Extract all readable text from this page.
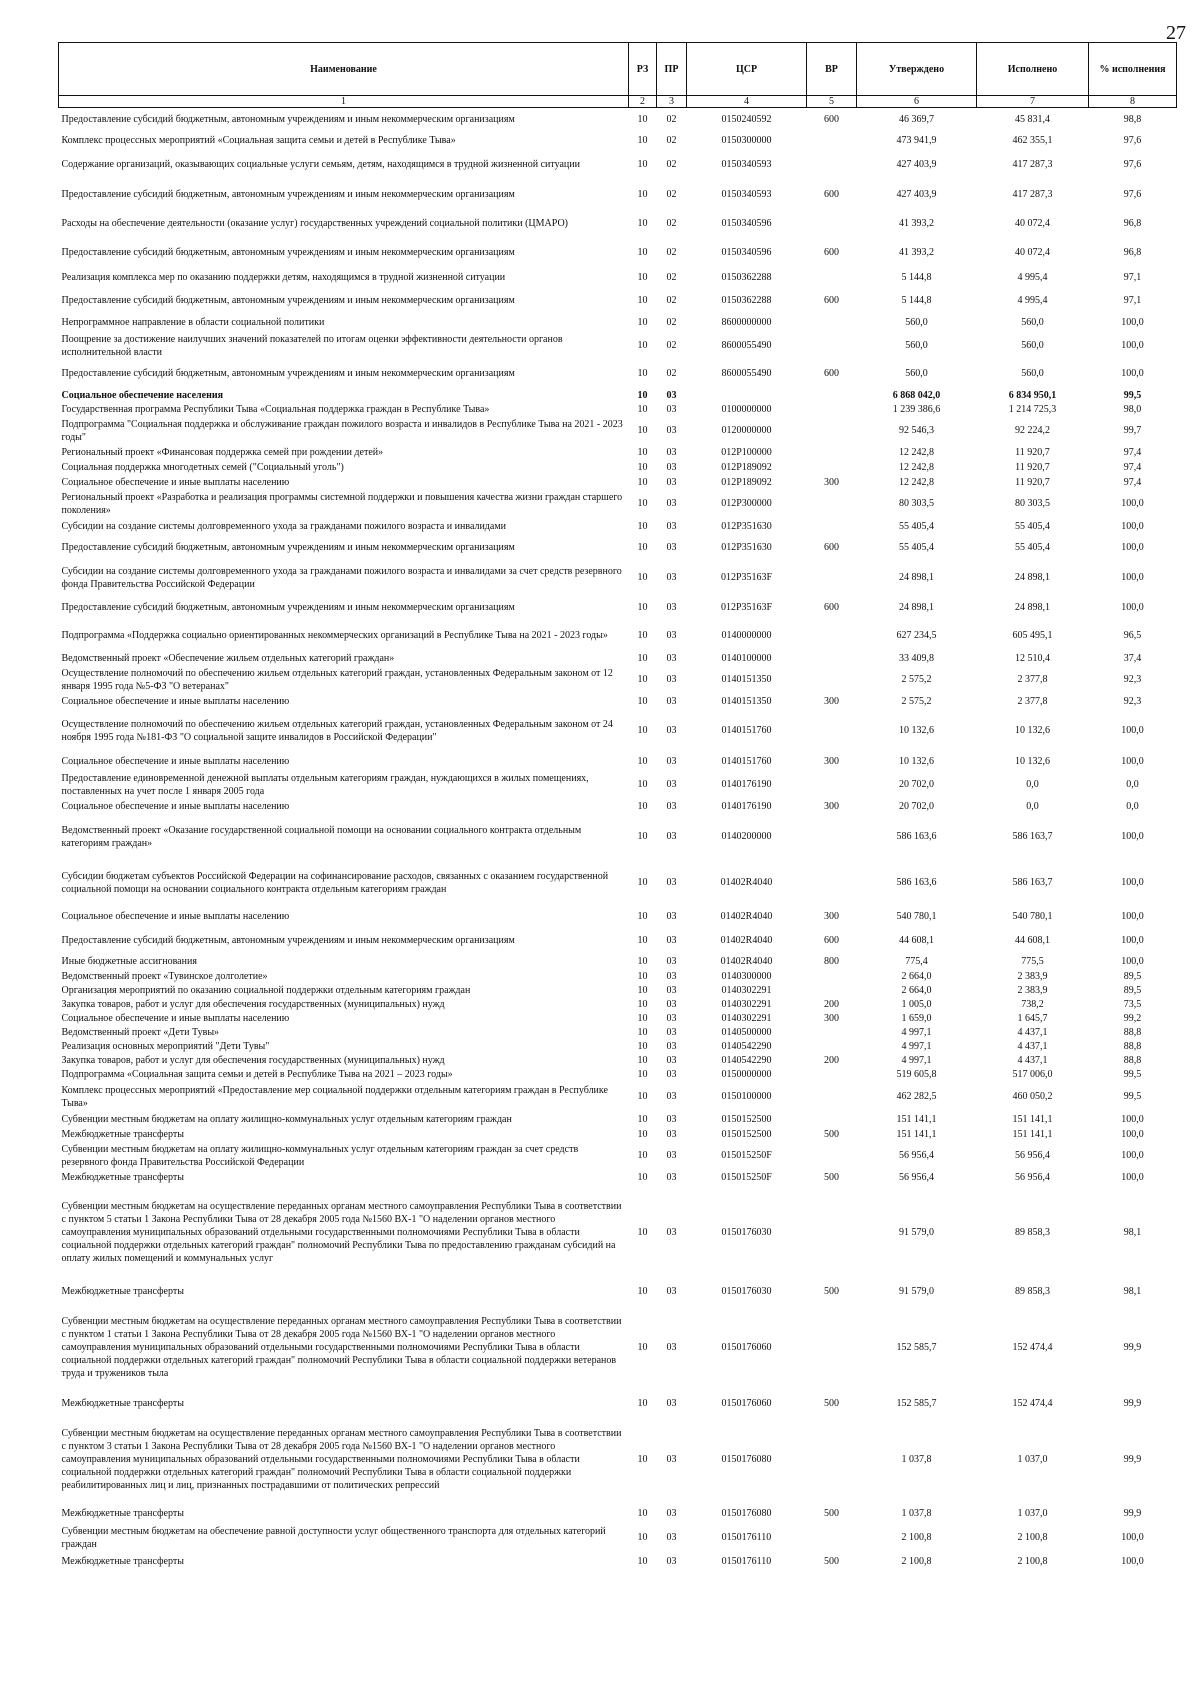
27
Наименование	РЗ	ПР	ЦСР	ВР	Утверждено	Исполнено	% исполнения
1	2	3	4	5	6	7	8
Предоставление субсидий бюджетным, автономным учреждениям и иным некоммерческим организациям	10	02	0150240592	600	46 369,7	45 831,4	98,8
Комплекс процессных мероприятий «Социальная защита семьи и детей в Республике Тыва»	10	02	0150300000		473 941,9	462 355,1	97,6
Содержание организаций, оказывающих социальные услуги семьям, детям, находящимся в трудной жизненной ситуации	10	02	0150340593		427 403,9	417 287,3	97,6
Предоставление субсидий бюджетным, автономным учреждениям и иным некоммерческим организациям	10	02	0150340593	600	427 403,9	417 287,3	97,6
Расходы на обеспечение деятельности (оказание услуг) государственных учреждений социальной политики (ЦМАРО)	10	02	0150340596		41 393,2	40 072,4	96,8
Предоставление субсидий бюджетным, автономным учреждениям и иным некоммерческим организациям	10	02	0150340596	600	41 393,2	40 072,4	96,8
Реализация комплекса мер по оказанию поддержки детям, находящимся в трудной жизненной ситуации	10	02	0150362288		5 144,8	4 995,4	97,1
Предоставление субсидий бюджетным, автономным учреждениям и иным некоммерческим организациям	10	02	0150362288	600	5 144,8	4 995,4	97,1
Непрограммное направление в области социальной политики	10	02	8600000000		560,0	560,0	100,0
Поощрение за достижение наилучших значений показателей по итогам оценки эффективности деятельности органов исполнительной власти	10	02	8600055490		560,0	560,0	100,0
Предоставление субсидий бюджетным, автономным учреждениям и иным некоммерческим организациям	10	02	8600055490	600	560,0	560,0	100,0
Социальное обеспечение населения	10	03			6 868 042,0	6 834 950,1	99,5
Государственная программа Республики Тыва «Социальная поддержка граждан в Республике Тыва»	10	03	0100000000		1 239 386,6	1 214 725,3	98,0
Подпрограмма "Социальная поддержка и обслуживание граждан пожилого возраста и инвалидов в Республике Тыва на 2021 - 2023 годы"	10	03	0120000000		92 546,3	92 224,2	99,7
Региональный проект «Финансовая поддержка семей при рождении детей»	10	03	012P100000		12 242,8	11 920,7	97,4
Социальная поддержка многодетных семей ("Социальный уголь")	10	03	012P189092		12 242,8	11 920,7	97,4
Социальное обеспечение и иные выплаты населению	10	03	012P189092	300	12 242,8	11 920,7	97,4
Региональный проект «Разработка и реализация программы системной поддержки и повышения качества жизни граждан старшего поколения»	10	03	012P300000		80 303,5	80 303,5	100,0
Субсидии на создание системы долговременного ухода за гражданами пожилого возраста и инвалидами	10	03	012P351630		55 405,4	55 405,4	100,0
Предоставление субсидий бюджетным, автономным учреждениям и иным некоммерческим организациям	10	03	012P351630	600	55 405,4	55 405,4	100,0
Субсидии на создание системы долговременного ухода за гражданами пожилого возраста и инвалидами за счет средств резервного фонда Правительства Российской Федерации	10	03	012P35163F		24 898,1	24 898,1	100,0
Предоставление субсидий бюджетным, автономным учреждениям и иным некоммерческим организациям	10	03	012P35163F	600	24 898,1	24 898,1	100,0
Подпрограмма «Поддержка социально ориентированных некоммерческих организаций в Республике Тыва на 2021 - 2023 годы»	10	03	0140000000		627 234,5	605 495,1	96,5
Ведомственный проект «Обеспечение жильем отдельных категорий граждан»	10	03	0140100000		33 409,8	12 510,4	37,4
Осуществление полномочий по обеспечению жильем отдельных категорий граждан, установленных Федеральным законом от 12 января 1995 года №5-ФЗ "О ветеранах"	10	03	0140151350		2 575,2	2 377,8	92,3
Социальное обеспечение и иные выплаты населению	10	03	0140151350	300	2 575,2	2 377,8	92,3
Осуществление полномочий по обеспечению жильем отдельных категорий граждан, установленных Федеральным законом от 24 ноября 1995 года №181-ФЗ "О социальной защите инвалидов в Российской Федерации"	10	03	0140151760		10 132,6	10 132,6	100,0
Социальное обеспечение и иные выплаты населению	10	03	0140151760	300	10 132,6	10 132,6	100,0
Предоставление единовременной денежной выплаты отдельным категориям граждан, нуждающихся в жилых помещениях, поставленных на учет после 1 января 2005 года	10	03	0140176190		20 702,0	0,0	0,0
Социальное обеспечение и иные выплаты населению	10	03	0140176190	300	20 702,0	0,0	0,0
Ведомственный проект «Оказание государственной социальной помощи на основании социального контракта отдельным категориям граждан»	10	03	0140200000		586 163,6	586 163,7	100,0
Субсидии бюджетам субъектов Российской Федерации на софинансирование расходов, связанных с оказанием государственной социальной помощи на основании социального контракта отдельным категориям граждан	10	03	01402R4040		586 163,6	586 163,7	100,0
Социальное обеспечение и иные выплаты населению	10	03	01402R4040	300	540 780,1	540 780,1	100,0
Предоставление субсидий бюджетным, автономным учреждениям и иным некоммерческим организациям	10	03	01402R4040	600	44 608,1	44 608,1	100,0
Иные бюджетные ассигнования	10	03	01402R4040	800	775,4	775,5	100,0
Ведомственный проект «Тувинское долголетие»	10	03	0140300000		2 664,0	2 383,9	89,5
Организация мероприятий по оказанию социальной поддержки отдельным категориям граждан	10	03	0140302291		2 664,0	2 383,9	89,5
Закупка товаров, работ и услуг для обеспечения государственных (муниципальных) нужд	10	03	0140302291	200	1 005,0	738,2	73,5
Социальное обеспечение и иные выплаты населению	10	03	0140302291	300	1 659,0	1 645,7	99,2
Ведомственный проект «Дети Тувы»	10	03	0140500000		4 997,1	4 437,1	88,8
Реализация основных мероприятий "Дети Тувы"	10	03	0140542290		4 997,1	4 437,1	88,8
Закупка товаров, работ и услуг для обеспечения государственных (муниципальных) нужд	10	03	0140542290	200	4 997,1	4 437,1	88,8
Подпрограмма «Социальная защита семьи и детей в Республике Тыва на 2021 – 2023 годы»	10	03	0150000000		519 605,8	517 006,0	99,5
Комплекс процессных мероприятий «Предоставление мер социальной поддержки отдельным категориям граждан в Республике Тыва»	10	03	0150100000		462 282,5	460 050,2	99,5
Субвенции местным бюджетам на оплату жилищно-коммунальных услуг отдельным категориям граждан	10	03	0150152500		151 141,1	151 141,1	100,0
Межбюджетные трансферты	10	03	0150152500	500	151 141,1	151 141,1	100,0
Субвенции местным бюджетам на оплату жилищно-коммунальных услуг отдельным категориям граждан за счет средств резервного фонда Правительства Российской Федерации	10	03	015015250F		56 956,4	56 956,4	100,0
Межбюджетные трансферты	10	03	015015250F	500	56 956,4	56 956,4	100,0
Субвенции местным бюджетам на осуществление переданных органам местного самоуправления Республики Тыва в соответствии с пунктом 5 статьи 1 Закона Республики Тыва от 28 декабря 2005 года №1560 ВХ-1 "О наделении органов местного самоуправления муниципальных образований отдельными государственными полномочиями Республики Тыва в области социальной поддержки отдельных категорий граждан" полномочий Республики Тыва по предоставлению гражданам субсидий на оплату жилых помещений и коммунальных услуг	10	03	0150176030		91 579,0	89 858,3	98,1
Межбюджетные трансферты	10	03	0150176030	500	91 579,0	89 858,3	98,1
Субвенции местным бюджетам на осуществление переданных органам местного самоуправления Республики Тыва в соответствии с пунктом 1 статьи 1 Закона Республики Тыва от 28 декабря 2005 года №1560 ВХ-1 "О наделении органов местного самоуправления муниципальных образований отдельными государственными полномочиями Республики Тыва в области социальной поддержки отдельных категорий граждан" полномочий Республики Тыва в области социальной поддержки ветеранов труда и тружеников тыла	10	03	0150176060		152 585,7	152 474,4	99,9
Межбюджетные трансферты	10	03	0150176060	500	152 585,7	152 474,4	99,9
Субвенции местным бюджетам на осуществление переданных органам местного самоуправления Республики Тыва в соответствии с пунктом 3 статьи 1 Закона Республики Тыва от 28 декабря 2005 года №1560 ВХ-1 "О наделении органов местного самоуправления муниципальных образований отдельными государственными полномочиями Республики Тыва в области социальной поддержки отдельных категорий граждан" полномочий Республики Тыва в области социальной поддержки реабилитированных лиц и лиц, признанных пострадавшими от политических репрессий	10	03	0150176080		1 037,8	1 037,0	99,9
Межбюджетные трансферты	10	03	0150176080	500	1 037,8	1 037,0	99,9
Субвенции местным бюджетам на обеспечение равной доступности услуг общественного транспорта для отдельных категорий граждан	10	03	0150176110		2 100,8	2 100,8	100,0
Межбюджетные трансферты	10	03	0150176110	500	2 100,8	2 100,8	100,0
